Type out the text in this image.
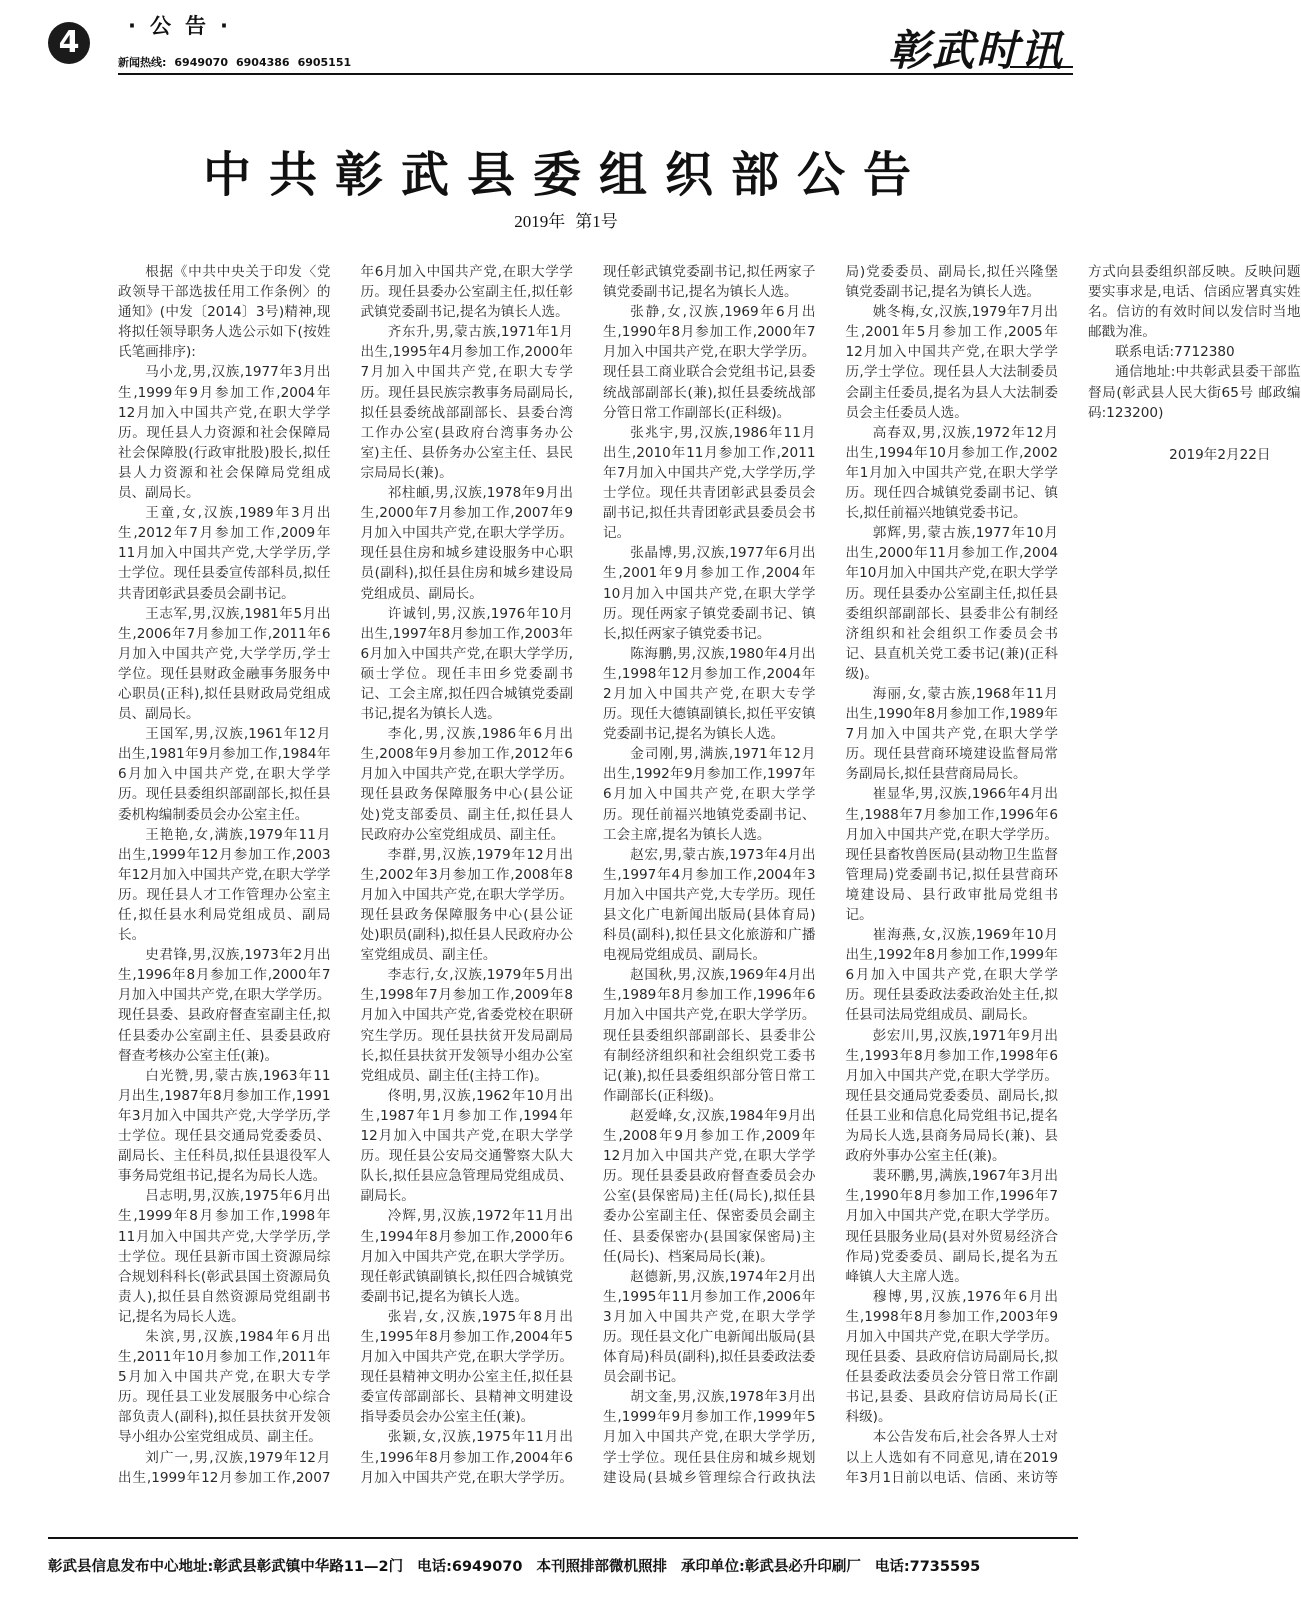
4	·公告·
新闻热线: 6949070 6904386 6905151	彰武时讯
中共彰武县委组织部公告
2019年 第1号

根据《中共中央关于印发〈党政领导干部选拔任用工作条例〉的通知》(中发〔2014〕3号)精神,现将拟任领导职务人选公示如下(按姓氏笔画排序):

马小龙,男,汉族,1977年3月出生,1999年9月参加工作,2004年12月加入中国共产党,在职大学学历。现任县人力资源和社会保障局社会保障股(行政审批股)股长,拟任县人力资源和社会保障局党组成员、副局长。

王童,女,汉族,1989年3月出生,2012年7月参加工作,2009年11月加入中国共产党,大学学历,学士学位。现任县委宣传部科员,拟任共青团彰武县委员会副书记。

王志军,男,汉族,1981年5月出生,2006年7月参加工作,2011年6月加入中国共产党,大学学历,学士学位。现任县财政金融事务服务中心职员(正科),拟任县财政局党组成员、副局长。

王国军,男,汉族,1961年12月出生,1981年9月参加工作,1984年6月加入中国共产党,在职大学学历。现任县委组织部副部长,拟任县委机构编制委员会办公室主任。

王艳艳,女,满族,1979年11月出生,1999年12月参加工作,2003年12月加入中国共产党,在职大学学历。现任县人才工作管理办公室主任,拟任县水利局党组成员、副局长。

史君锋,男,汉族,1973年2月出生,1996年8月参加工作,2000年7月加入中国共产党,在职大学学历。现任县委、县政府督查室副主任,拟任县委办公室副主任、县委县政府督查考核办公室主任(兼)。

白光赞,男,蒙古族,1963年11月出生,1987年8月参加工作,1991年3月加入中国共产党,大学学历,学士学位。现任县交通局党委委员、副局长、主任科员,拟任县退役军人事务局党组书记,提名为局长人选。

吕志明,男,汉族,1975年6月出生,1999年8月参加工作,1998年11月加入中国共产党,大学学历,学士学位。现任县新市国土资源局综合规划科科长(彰武县国土资源局负责人),拟任县自然资源局党组副书记,提名为局长人选。

朱滨,男,汉族,1984年6月出生,2011年10月参加工作,2011年5月加入中国共产党,在职大专学历。现任县工业发展服务中心综合部负责人(副科),拟任县扶贫开发领导小组办公室党组成员、副主任。

刘广一,男,汉族,1979年12月出生,1999年12月参加工作,2007年6月加入中国共产党,在职大学学历。现任县委办公室副主任,拟任彰武镇党委副书记,提名为镇长人选。

齐东升,男,蒙古族,1971年1月出生,1995年4月参加工作,2000年7月加入中国共产党,在职大专学历。现任县民族宗教事务局副局长,拟任县委统战部副部长、县委台湾工作办公室(县政府台湾事务办公室)主任、县侨务办公室主任、县民宗局局长(兼)。

祁柱頔,男,汉族,1978年9月出生,2000年7月参加工作,2007年9月加入中国共产党,在职大学学历。现任县住房和城乡建设服务中心职员(副科),拟任县住房和城乡建设局党组成员、副局长。

许诚钊,男,汉族,1976年10月出生,1997年8月参加工作,2003年6月加入中国共产党,在职大学学历,硕士学位。现任丰田乡党委副书记、工会主席,拟任四合城镇党委副书记,提名为镇长人选。

李化,男,汉族,1986年6月出生,2008年9月参加工作,2012年6月加入中国共产党,在职大学学历。现任县政务保障服务中心(县公证处)党支部委员、副主任,拟任县人民政府办公室党组成员、副主任。

李群,男,汉族,1979年12月出生,2002年3月参加工作,2008年8月加入中国共产党,在职大学学历。现任县政务保障服务中心(县公证处)职员(副科),拟任县人民政府办公室党组成员、副主任。

李志行,女,汉族,1979年5月出生,1998年7月参加工作,2009年8月加入中国共产党,省委党校在职研究生学历。现任县扶贫开发局副局长,拟任县扶贫开发领导小组办公室党组成员、副主任(主持工作)。

佟明,男,汉族,1962年10月出生,1987年1月参加工作,1994年12月加入中国共产党,在职大学学历。现任县公安局交通警察大队大队长,拟任县应急管理局党组成员、副局长。

冷辉,男,汉族,1972年11月出生,1994年8月参加工作,2000年6月加入中国共产党,在职大学学历。现任彰武镇副镇长,拟任四合城镇党委副书记,提名为镇长人选。

张岩,女,汉族,1975年8月出生,1995年8月参加工作,2004年5月加入中国共产党,在职大学学历。现任县精神文明办公室主任,拟任县委宣传部副部长、县精神文明建设指导委员会办公室主任(兼)。

张颖,女,汉族,1975年11月出生,1996年8月参加工作,2004年6月加入中国共产党,在职大学学历。现任彰武镇党委副书记,拟任两家子镇党委副书记,提名为镇长人选。

张静,女,汉族,1969年6月出生,1990年8月参加工作,2000年7月加入中国共产党,在职大学学历。现任县工商业联合会党组书记,县委统战部副部长(兼),拟任县委统战部分管日常工作副部长(正科级)。

张兆宇,男,汉族,1986年11月出生,2010年11月参加工作,2011年7月加入中国共产党,大学学历,学士学位。现任共青团彰武县委员会副书记,拟任共青团彰武县委员会书记。

张晶博,男,汉族,1977年6月出生,2001年9月参加工作,2004年10月加入中国共产党,在职大学学历。现任两家子镇党委副书记、镇长,拟任两家子镇党委书记。

陈海鹏,男,汉族,1980年4月出生,1998年12月参加工作,2004年2月加入中国共产党,在职大专学历。现任大德镇副镇长,拟任平安镇党委副书记,提名为镇长人选。

金司刚,男,满族,1971年12月出生,1992年9月参加工作,1997年6月加入中国共产党,在职大学学历。现任前福兴地镇党委副书记、工会主席,提名为镇长人选。

赵宏,男,蒙古族,1973年4月出生,1997年4月参加工作,2004年3月加入中国共产党,大专学历。现任县文化广电新闻出版局(县体育局)科员(副科),拟任县文化旅游和广播电视局党组成员、副局长。

赵国秋,男,汉族,1969年4月出生,1989年8月参加工作,1996年6月加入中国共产党,在职大学学历。现任县委组织部副部长、县委非公有制经济组织和社会组织党工委书记(兼),拟任县委组织部分管日常工作副部长(正科级)。

赵爱峰,女,汉族,1984年9月出生,2008年9月参加工作,2009年12月加入中国共产党,在职大学学历。现任县委县政府督查委员会办公室(县保密局)主任(局长),拟任县委办公室副主任、保密委员会副主任、县委保密办(县国家保密局)主任(局长)、档案局局长(兼)。

赵德新,男,汉族,1974年2月出生,1995年11月参加工作,2006年3月加入中国共产党,在职大学学历。现任县文化广电新闻出版局(县体育局)科员(副科),拟任县委政法委员会副书记。

胡文奎,男,汉族,1978年3月出生,1999年9月参加工作,1999年5月加入中国共产党,在职大学学历,学士学位。现任县住房和城乡规划建设局(县城乡管理综合行政执法局)党委委员、副局长,拟任兴隆堡镇党委副书记,提名为镇长人选。

姚冬梅,女,汉族,1979年7月出生,2001年5月参加工作,2005年12月加入中国共产党,在职大学学历,学士学位。现任县人大法制委员会副主任委员,提名为县人大法制委员会主任委员人选。

高春双,男,汉族,1972年12月出生,1994年10月参加工作,2002年1月加入中国共产党,在职大学学历。现任四合城镇党委副书记、镇长,拟任前福兴地镇党委书记。

郭辉,男,蒙古族,1977年10月出生,2000年11月参加工作,2004年10月加入中国共产党,在职大学学历。现任县委办公室副主任,拟任县委组织部副部长、县委非公有制经济组织和社会组织工作委员会书记、县直机关党工委书记(兼)(正科级)。

海丽,女,蒙古族,1968年11月出生,1990年8月参加工作,1989年7月加入中国共产党,在职大学学历。现任县营商环境建设监督局常务副局长,拟任县营商局局长。

崔显华,男,汉族,1966年4月出生,1988年7月参加工作,1996年6月加入中国共产党,在职大学学历。现任县畜牧兽医局(县动物卫生监督管理局)党委副书记,拟任县营商环境建设局、县行政审批局党组书记。

崔海燕,女,汉族,1969年10月出生,1992年8月参加工作,1999年6月加入中国共产党,在职大学学历。现任县委政法委政治处主任,拟任县司法局党组成员、副局长。

彭宏川,男,汉族,1971年9月出生,1993年8月参加工作,1998年6月加入中国共产党,在职大学学历。现任县交通局党委委员、副局长,拟任县工业和信息化局党组书记,提名为局长人选,县商务局局长(兼)、县政府外事办公室主任(兼)。

裴环鹏,男,满族,1967年3月出生,1990年8月参加工作,1996年7月加入中国共产党,在职大学学历。现任县服务业局(县对外贸易经济合作局)党委委员、副局长,提名为五峰镇人大主席人选。

穆博,男,汉族,1976年6月出生,1998年8月参加工作,2003年9月加入中国共产党,在职大学学历。现任县委、县政府信访局副局长,拟任县委政法委员会分管日常工作副书记,县委、县政府信访局局长(正科级)。

本公告发布后,社会各界人士对以上人选如有不同意见,请在2019年3月1日前以电话、信函、来访等方式向县委组织部反映。反映问题要实事求是,电话、信函应署真实姓名。信访的有效时间以发信时当地邮戳为准。

联系电话:7712380

通信地址:中共彰武县委干部监督局(彰武县人民大街65号 邮政编码:123200)

2019年2月22日

彰武县信息发布中心地址:彰武县彰武镇中华路11—2门 电话:6949070 本刊照排部微机照排 承印单位:彰武县必升印刷厂 电话:7735595
